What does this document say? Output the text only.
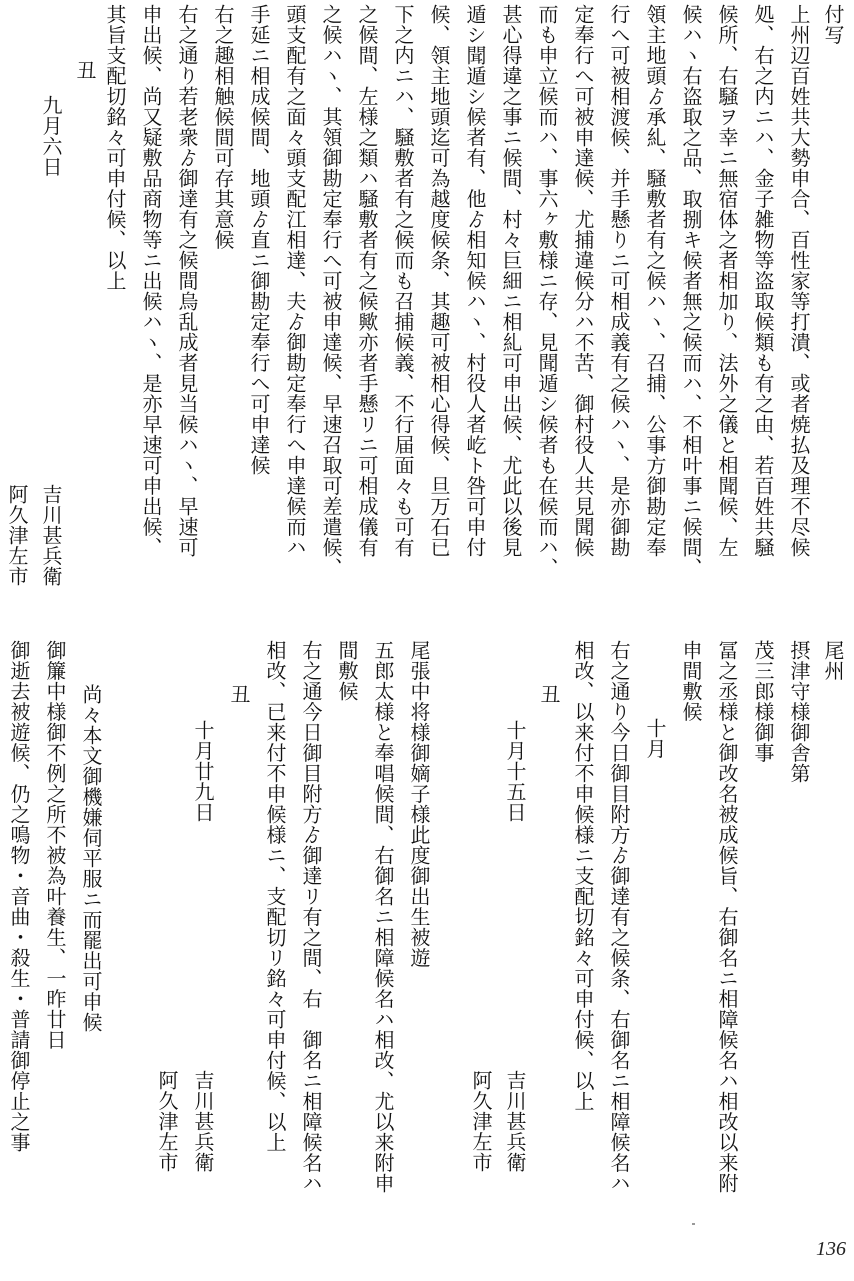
付写
上州辺百姓共大勢申合、百性家等打潰、或者焼払及理不尽候
処、右之内ニハ、金子雑物等盗取候類も有之由、若百姓共騒
候所、右騒ヲ幸ニ無宿体之者相加り、法外之儀と相聞候、左
候ハヽ右盗取之品、取捌キ候者無之候而ハ、不相叶事ニ候間、
領主地頭ゟ承糺、騒敷者有之候ハヽ、召捕、公事方御勘定奉
行へ可被相渡候、并手懸りニ可相成義有之候ハヽ、是亦御勘
定奉行へ可被申達候、尤捕違候分ハ不苦、御村役人共見聞候
而も申立候而ハ、事六ヶ敷様ニ存、見聞遁シ候者も在候而ハ、
甚心得違之事ニ候間、村々巨細ニ相糺可申出候、尤此以後見
遁シ聞遁シ候者有、他ゟ相知候ハヽ、村役人者屹ト咎可申付
候、領主地頭迄可為越度候条、其趣可被相心得候、旦万石已
下之内ニハ、騒敷者有之候而も召捕候義、不行届面々も可有
之候間、左様之類ハ騒敷者有之候歟亦者手懸リニ可相成儀有
之候ハヽ、其領御勘定奉行へ可被申達候、早速召取可差遣候、
頭支配有之面々頭支配江相達、夫ゟ御勘定奉行へ申達候而ハ
手延ニ相成候間、地頭ゟ直ニ御勘定奉行へ可申達候
右之趣相触候間可存其意候
右之通り若老衆ゟ御達有之候間烏乱成者見当候ハヽ、早速可
申出候、尚又疑敷品商物等ニ出候ハヽ、是亦早速可申出候、
其旨支配切銘々可申付候、以上
丑
九月六日
吉川甚兵衛
阿久津左市
尾州
摂津守様御舎第
茂三郎様御事
冨之丞様と御改名被成候旨、右御名ニ相障候名ハ相改以来附
申間敷候
十月
右之通り今日御目附方ゟ御達有之候条、右御名ニ相障候名ハ
相改、以来付不申候様ニ支配切銘々可申付候、以上
丑
十月十五日
吉川甚兵衛
阿久津左市
尾張中将様御嫡子様此度御出生被遊
五郎太様と奉唱候間、右御名ニ相障候名ハ相改、尤以来附申
間敷候
右之通今日御目附方ゟ御達リ有之間、右　御名ニ相障候名ハ
相改、已来付不申候様ニ、支配切リ銘々可申付候、以上
丑
十月廿九日
吉川甚兵衛
阿久津左市
尚々本文御機嫌伺平服ニ而罷出可申候
御簾中様御不例之所不被為叶養生、一昨廿日
御逝去被遊候、仍之鳴物・音曲・殺生・普請御停止之事
136
